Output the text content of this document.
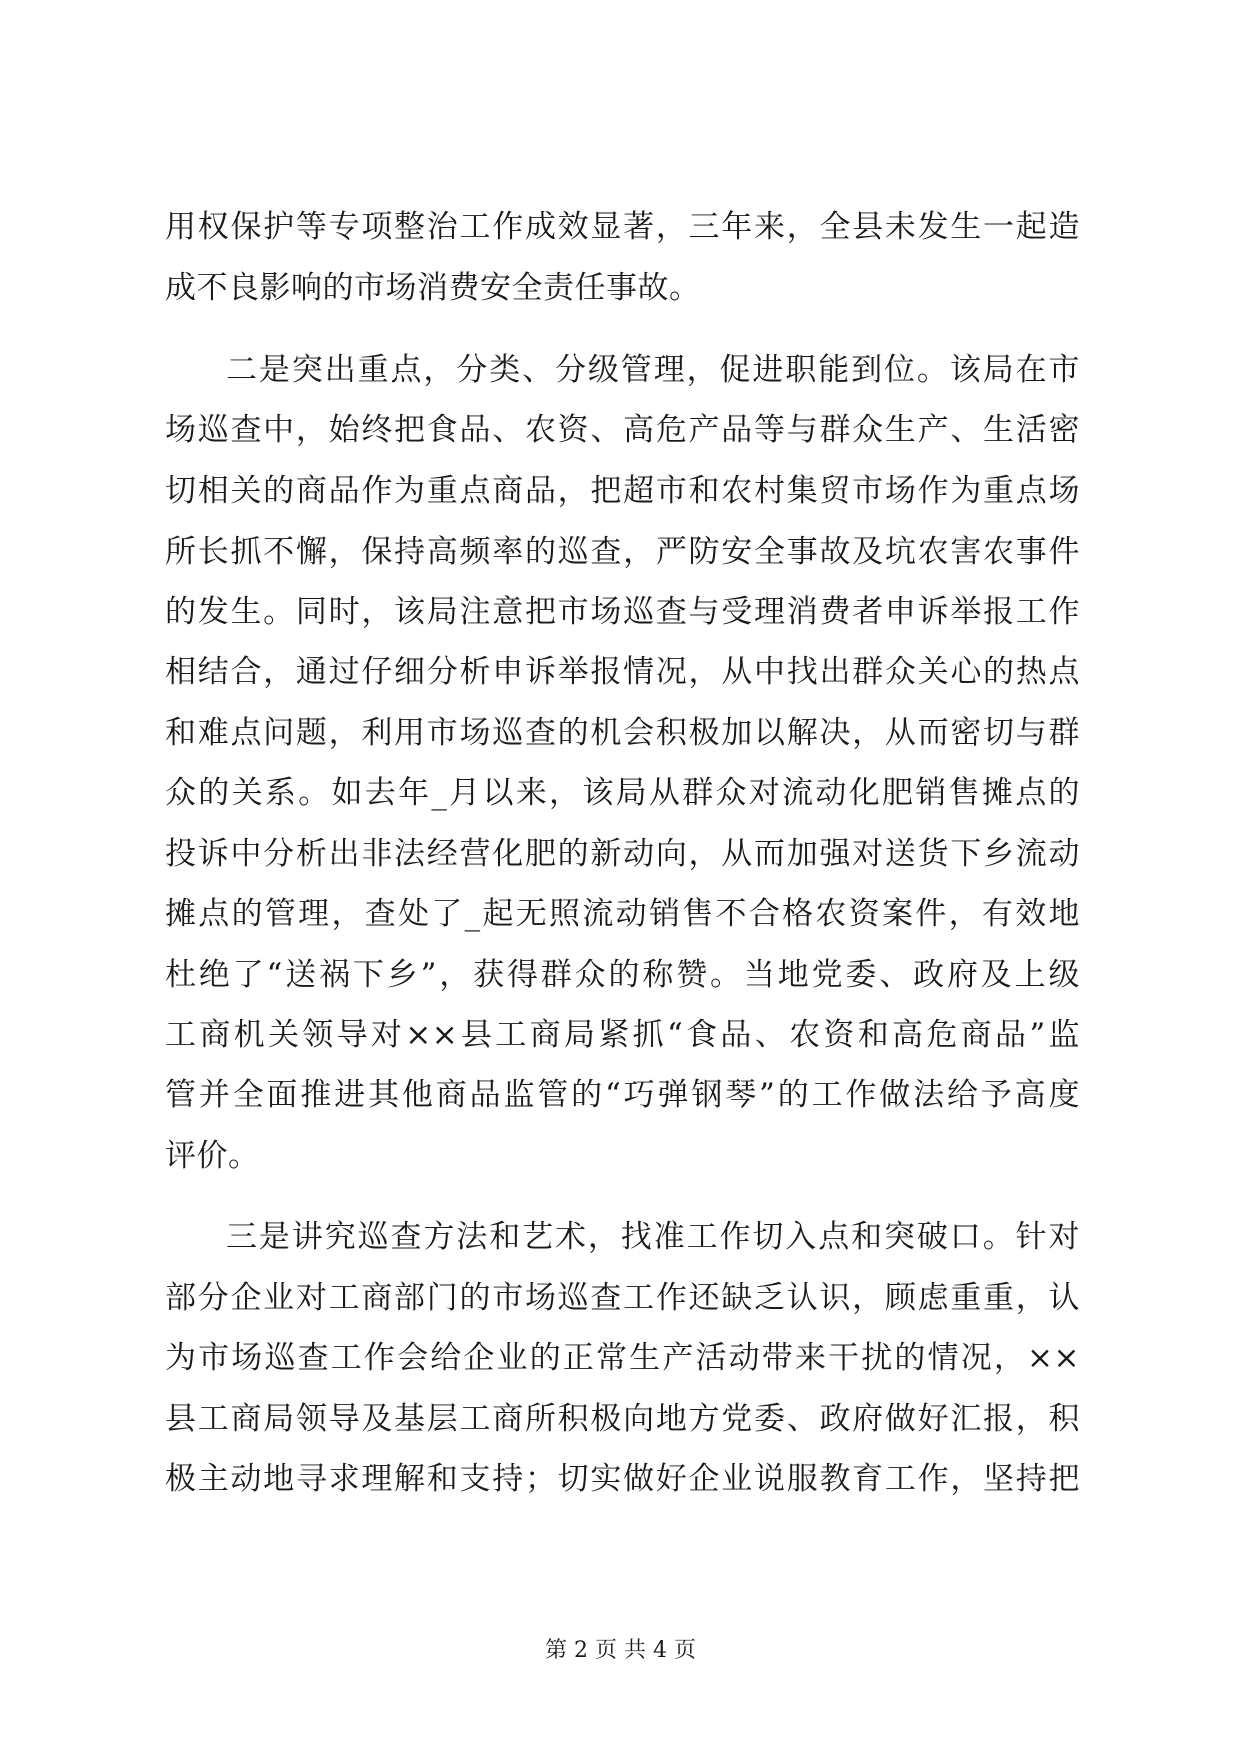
用权保护等专项整治工作成效显著，三年来，全县未发生一起造
成不良影响的市场消费安全责任事故。
二是突出重点，分类、分级管理，促进职能到位。该局在市
场巡查中，始终把食品、农资、高危产品等与群众生产、生活密
切相关的商品作为重点商品，把超市和农村集贸市场作为重点场
所长抓不懈，保持高频率的巡查，严防安全事故及坑农害农事件
的发生。同时，该局注意把市场巡查与受理消费者申诉举报工作
相结合，通过仔细分析申诉举报情况，从中找出群众关心的热点
和难点问题，利用市场巡查的机会积极加以解决，从而密切与群
众的关系。如去年_月以来，该局从群众对流动化肥销售摊点的
投诉中分析出非法经营化肥的新动向，从而加强对送货下乡流动
摊点的管理，查处了_起无照流动销售不合格农资案件，有效地
杜绝了“送祸下乡”，获得群众的称赞。当地党委、政府及上级
工商机关领导对××县工商局紧抓“食品、农资和高危商品”监
管并全面推进其他商品监管的“巧弹钢琴”的工作做法给予高度
评价。
三是讲究巡查方法和艺术，找准工作切入点和突破口。针对
部分企业对工商部门的市场巡查工作还缺乏认识，顾虑重重，认
为市场巡查工作会给企业的正常生产活动带来干扰的情况，××
县工商局领导及基层工商所积极向地方党委、政府做好汇报，积
极主动地寻求理解和支持；切实做好企业说服教育工作，坚持把
第 2 页 共 4 页
